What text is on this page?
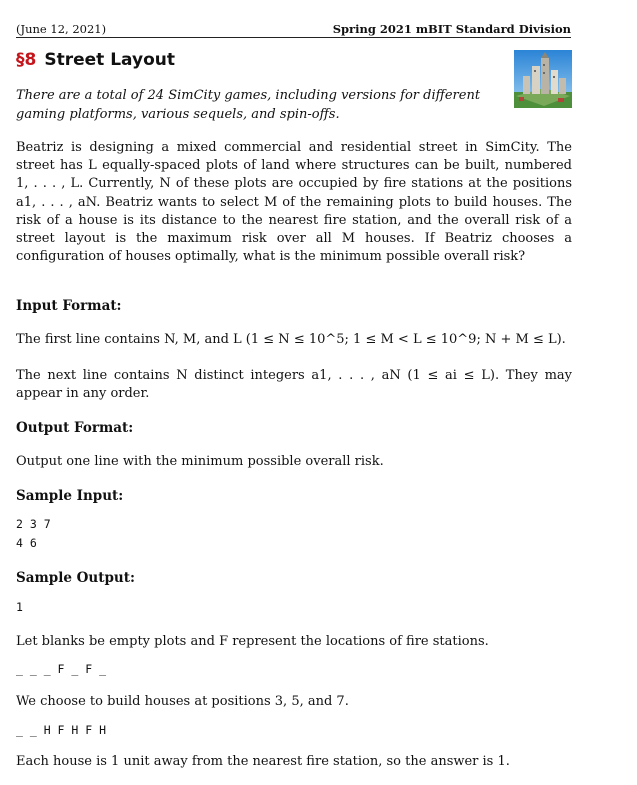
(June 12, 2021)	Spring 2021 mBIT Standard Division
§8 Street Layout
There are a total of 24 SimCity games, including versions for different gaming platforms, various sequels, and spin-offs.
Beatriz is designing a mixed commercial and residential street in SimCity. The street has L equally-spaced plots of land where structures can be built, numbered 1, . . . , L. Currently, N of these plots are occupied by fire stations at the positions a1, . . . , aN. Beatriz wants to select M of the remaining plots to build houses. The risk of a house is its distance to the nearest fire station, and the overall risk of a street layout is the maximum risk over all M houses. If Beatriz chooses a configuration of houses optimally, what is the minimum possible overall risk?
Input Format:
The first line contains N, M, and L (1 ≤ N ≤ 10^5; 1 ≤ M < L ≤ 10^9; N + M ≤ L).
The next line contains N distinct integers a1, . . . , aN (1 ≤ ai ≤ L). They may appear in any order.
Output Format:
Output one line with the minimum possible overall risk.
Sample Input:
2 3 7
4 6
Sample Output:
1
Let blanks be empty plots and F represent the locations of fire stations.
_ _ _ F _ F _
We choose to build houses at positions 3, 5, and 7.
_ _ H F H F H
Each house is 1 unit away from the nearest fire station, so the answer is 1.
